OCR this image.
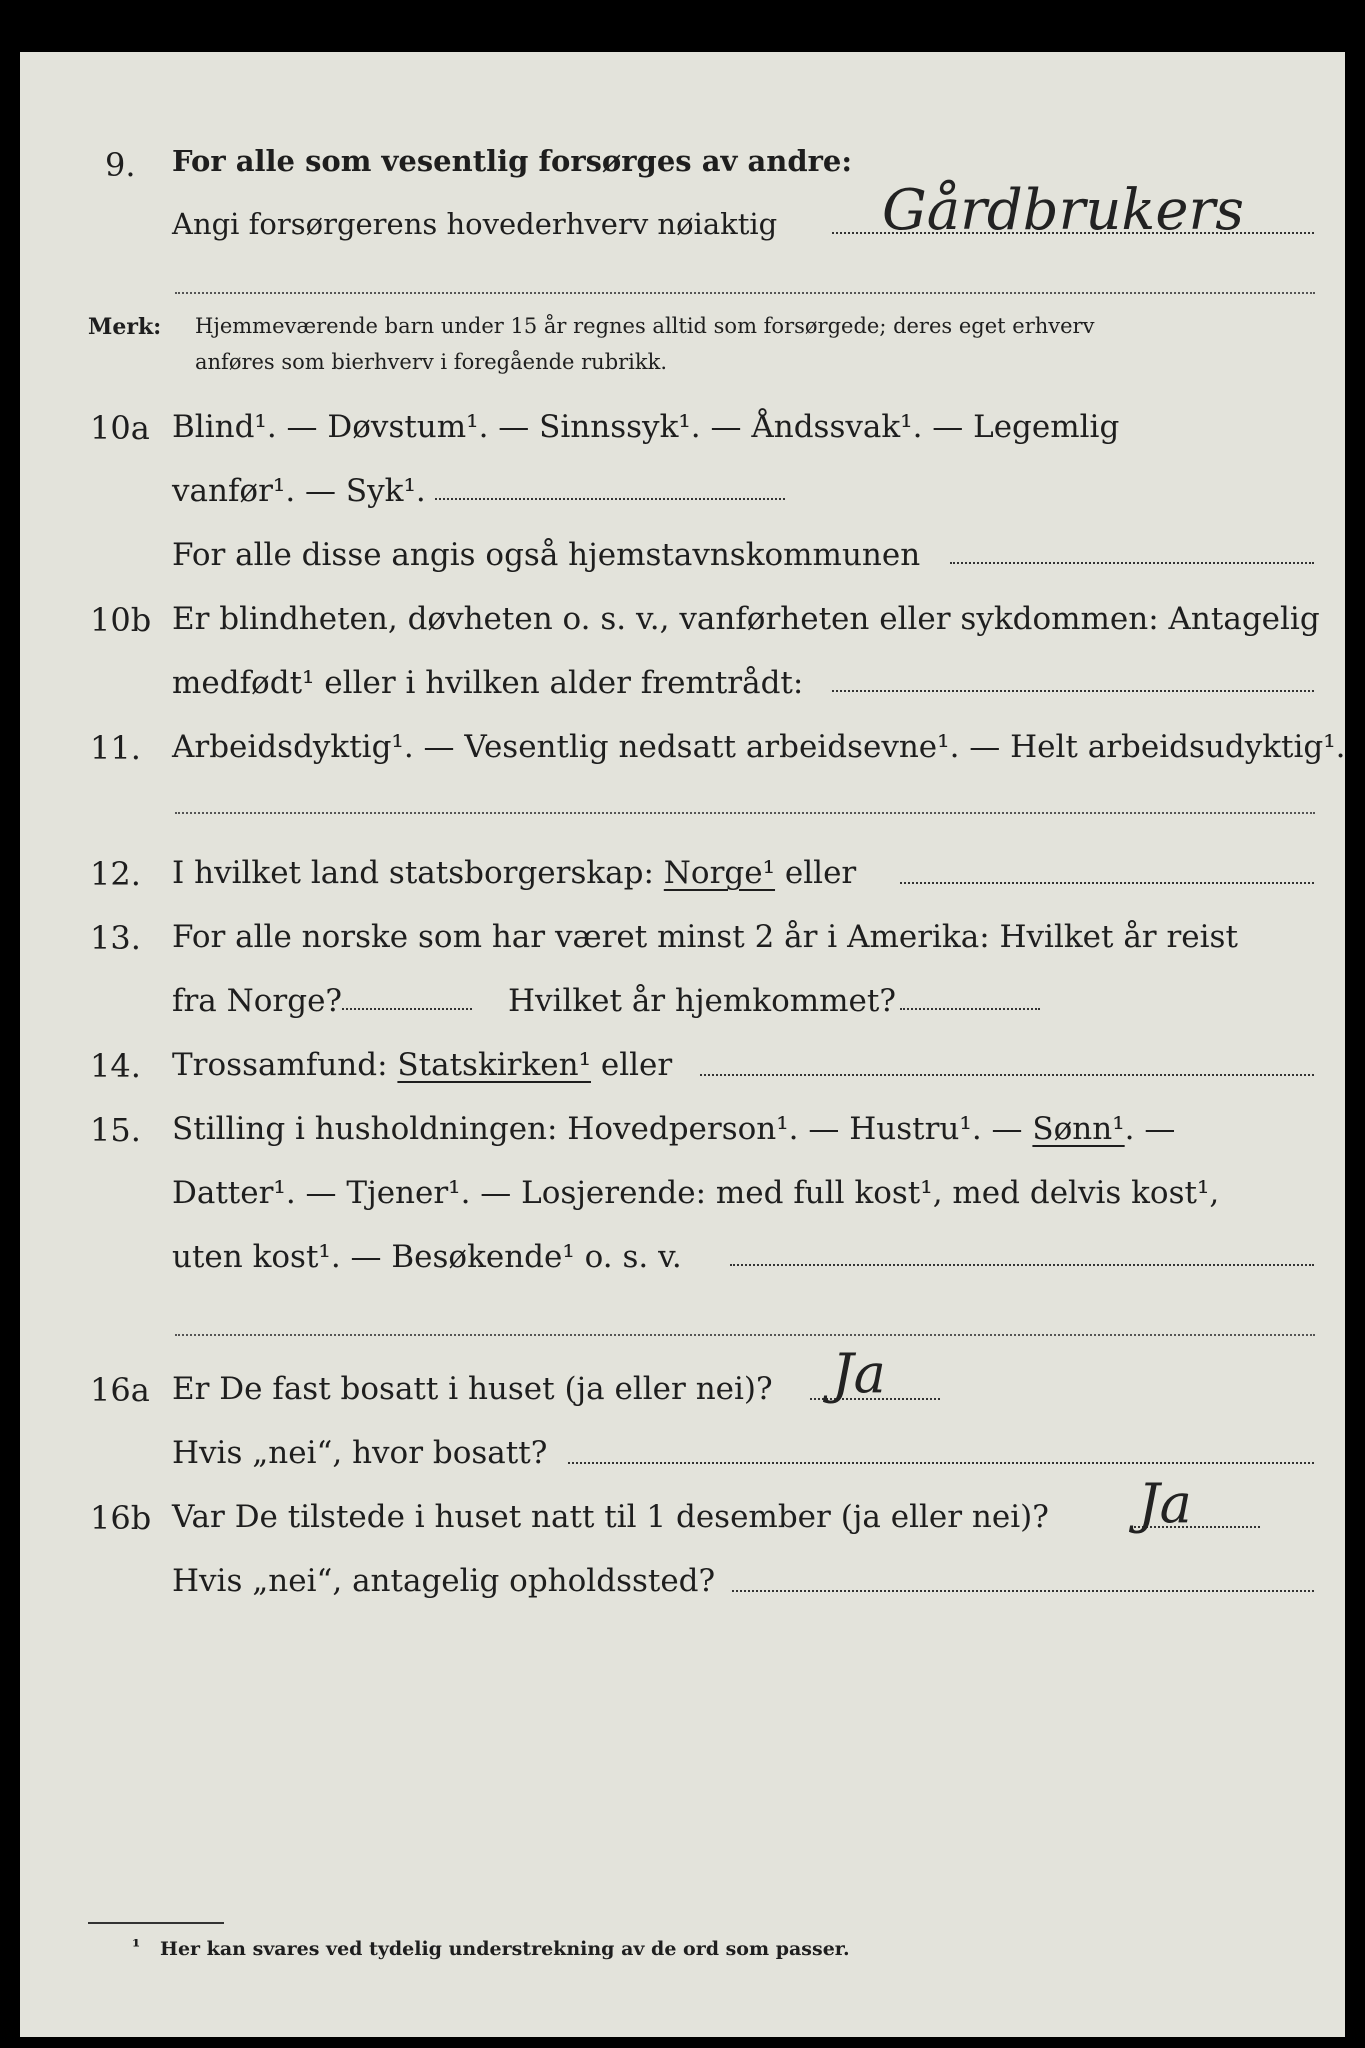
9. For alle som vesentlig forsørges av andre:
Angi forsørgerens hovederhverv nøiaktig Gårdbrukers
Merk: Hjemmeværende barn under 15 år regnes alltid som forsørgede; deres eget erhverv
anføres som bierhverv i foregående rubrikk.
10a Blind¹. — Døvstum¹. — Sinnssyk¹. — Åndssvak¹. — Legemlig
vanfør¹. — Syk¹.
For alle disse angis også hjemstavnskommunen
10b Er blindheten, døvheten o. s. v., vanførheten eller sykdommen: Antagelig
medfødt¹ eller i hvilken alder fremtrådt:
11. Arbeidsdyktig¹. — Vesentlig nedsatt arbeidsevne¹. — Helt arbeidsudyktig¹.
12. I hvilket land statsborgerskap: Norge¹ eller
13. For alle norske som har været minst 2 år i Amerika: Hvilket år reist
fra Norge?	Hvilket år hjemkommet?
14. Trossamfund: Statskirken¹ eller
15. Stilling i husholdningen: Hovedperson¹. — Hustru¹. — Sønn¹. —
Datter¹. — Tjener¹. — Losjerende: med full kost¹, med delvis kost¹,
uten kost¹. — Besøkende¹ o. s. v.
16a Er De fast bosatt i huset (ja eller nei)? Ja
Hvis „nei“, hvor bosatt?
16b Var De tilstede i huset natt til 1 desember (ja eller nei)? Ja
Hvis „nei“, antagelig opholdssted?
¹ Her kan svares ved tydelig understrekning av de ord som passer.
